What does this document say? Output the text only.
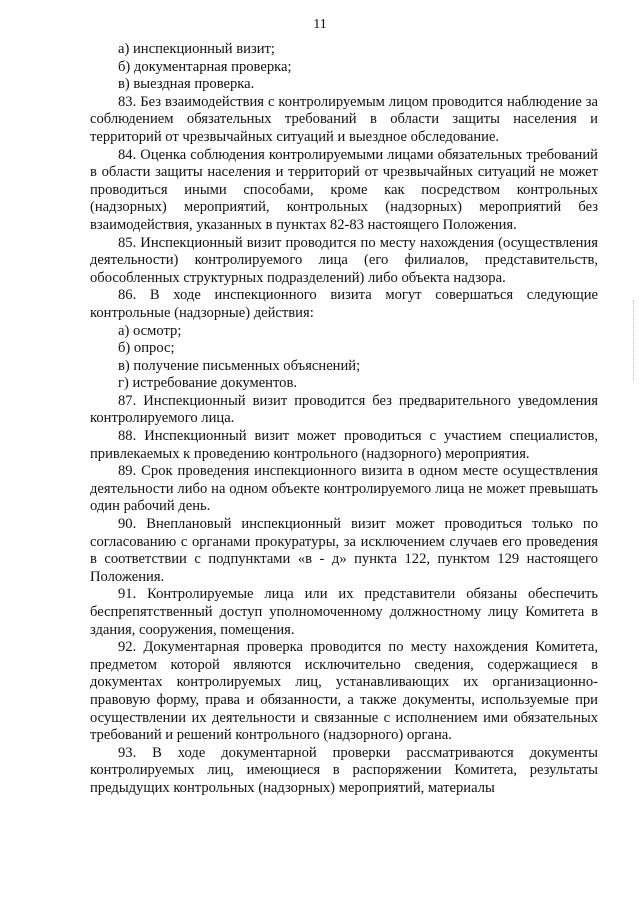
11

а) инспекционный визит;

б) документарная проверка;

в) выездная проверка.

83. Без взаимодействия с контролируемым лицом проводится наблюдение за соблюдением обязательных требований в области защиты населения и территорий от чрезвычайных ситуаций и выездное обследование.

84. Оценка соблюдения контролируемыми лицами обязательных требований в области защиты населения и территорий от чрезвычайных ситуаций не может проводиться иными способами, кроме как посредством контрольных (надзорных) мероприятий, контрольных (надзорных) мероприятий без взаимодействия, указанных в пунктах 82-83 настоящего Положения.

85. Инспекционный визит проводится по месту нахождения (осуществления деятельности) контролируемого лица (его филиалов, представительств, обособленных структурных подразделений) либо объекта надзора.

86. В ходе инспекционного визита могут совершаться следующие контрольные (надзорные) действия:

а) осмотр;

б) опрос;

в) получение письменных объяснений;

г) истребование документов.

87. Инспекционный визит проводится без предварительного уведомления контролируемого лица.

88. Инспекционный визит может проводиться с участием специалистов, привлекаемых к проведению контрольного (надзорного) мероприятия.

89. Срок проведения инспекционного визита в одном месте осуществления деятельности либо на одном объекте контролируемого лица не может превышать один рабочий день.

90. Внеплановый инспекционный визит может проводиться только по согласованию с органами прокуратуры, за исключением случаев его проведения в соответствии с подпунктами «в - д» пункта 122, пунктом 129 настоящего Положения.

91. Контролируемые лица или их представители обязаны обеспечить беспрепятственный доступ уполномоченному должностному лицу Комитета в здания, сооружения, помещения.

92. Документарная проверка проводится по месту нахождения Комитета, предметом которой являются исключительно сведения, содержащиеся в документах контролируемых лиц, устанавливающих их организационно-правовую форму, права и обязанности, а также документы, используемые при осуществлении их деятельности и связанные с исполнением ими обязательных требований и решений контрольного (надзорного) органа.

93. В ходе документарной проверки рассматриваются документы контролируемых лиц, имеющиеся в распоряжении Комитета, результаты предыдущих контрольных (надзорных) мероприятий, материалы
